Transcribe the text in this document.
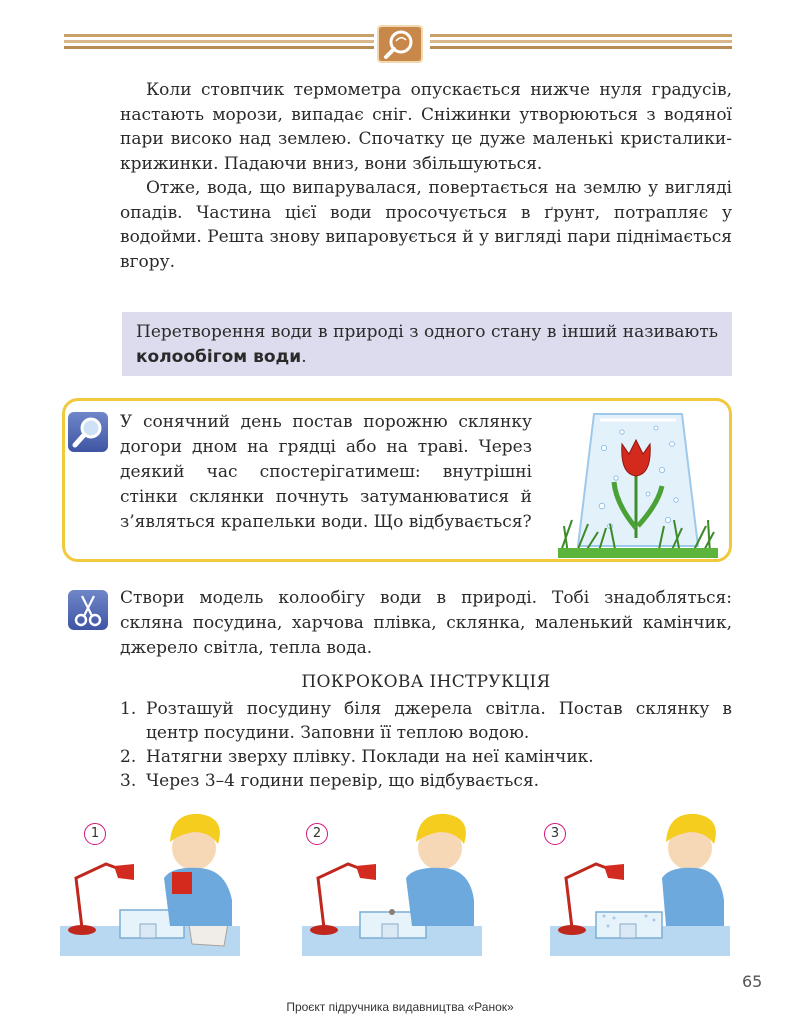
Коли стовпчик термометра опускається нижче нуля градусів, настають морози, випадає сніг. Сніжинки утворюються з водяної пари високо над землею. Спочатку це дуже маленькі кристалики-крижинки. Падаючи вниз, вони збільшуються.

Отже, вода, що випарувалася, повертається на землю у вигляді опадів. Частина цієї води просочується в ґрунт, потрапляє у водойми. Решта знову випаровується й у вигляді пари піднімається вгору.

Перетворення води в природі з одного стану в інший називають колообігом води.
У сонячний день постав порожню склянку догори дном на грядці або на траві. Через деякий час спостерігатимеш: внутрішні стінки склянки почнуть затуманюватися й з’являться крапельки води. Що відбувається?
Створи модель колообігу води в природі. Тобі знадобляться: скляна посудина, харчова плівка, склянка, маленький камінчик, джерело світла, тепла вода.
ПОКРОКОВА ІНСТРУКЦІЯ
1. Розташуй посудину біля джерела світла. Постав склянку в центр посудини. Заповни її теплою водою.
2. Натягни зверху плівку. Поклади на неї камінчик.
3. Через 3–4 години перевір, що відбувається.
1	2	3
65
Проєкт підручника видавництва «Ранок»
